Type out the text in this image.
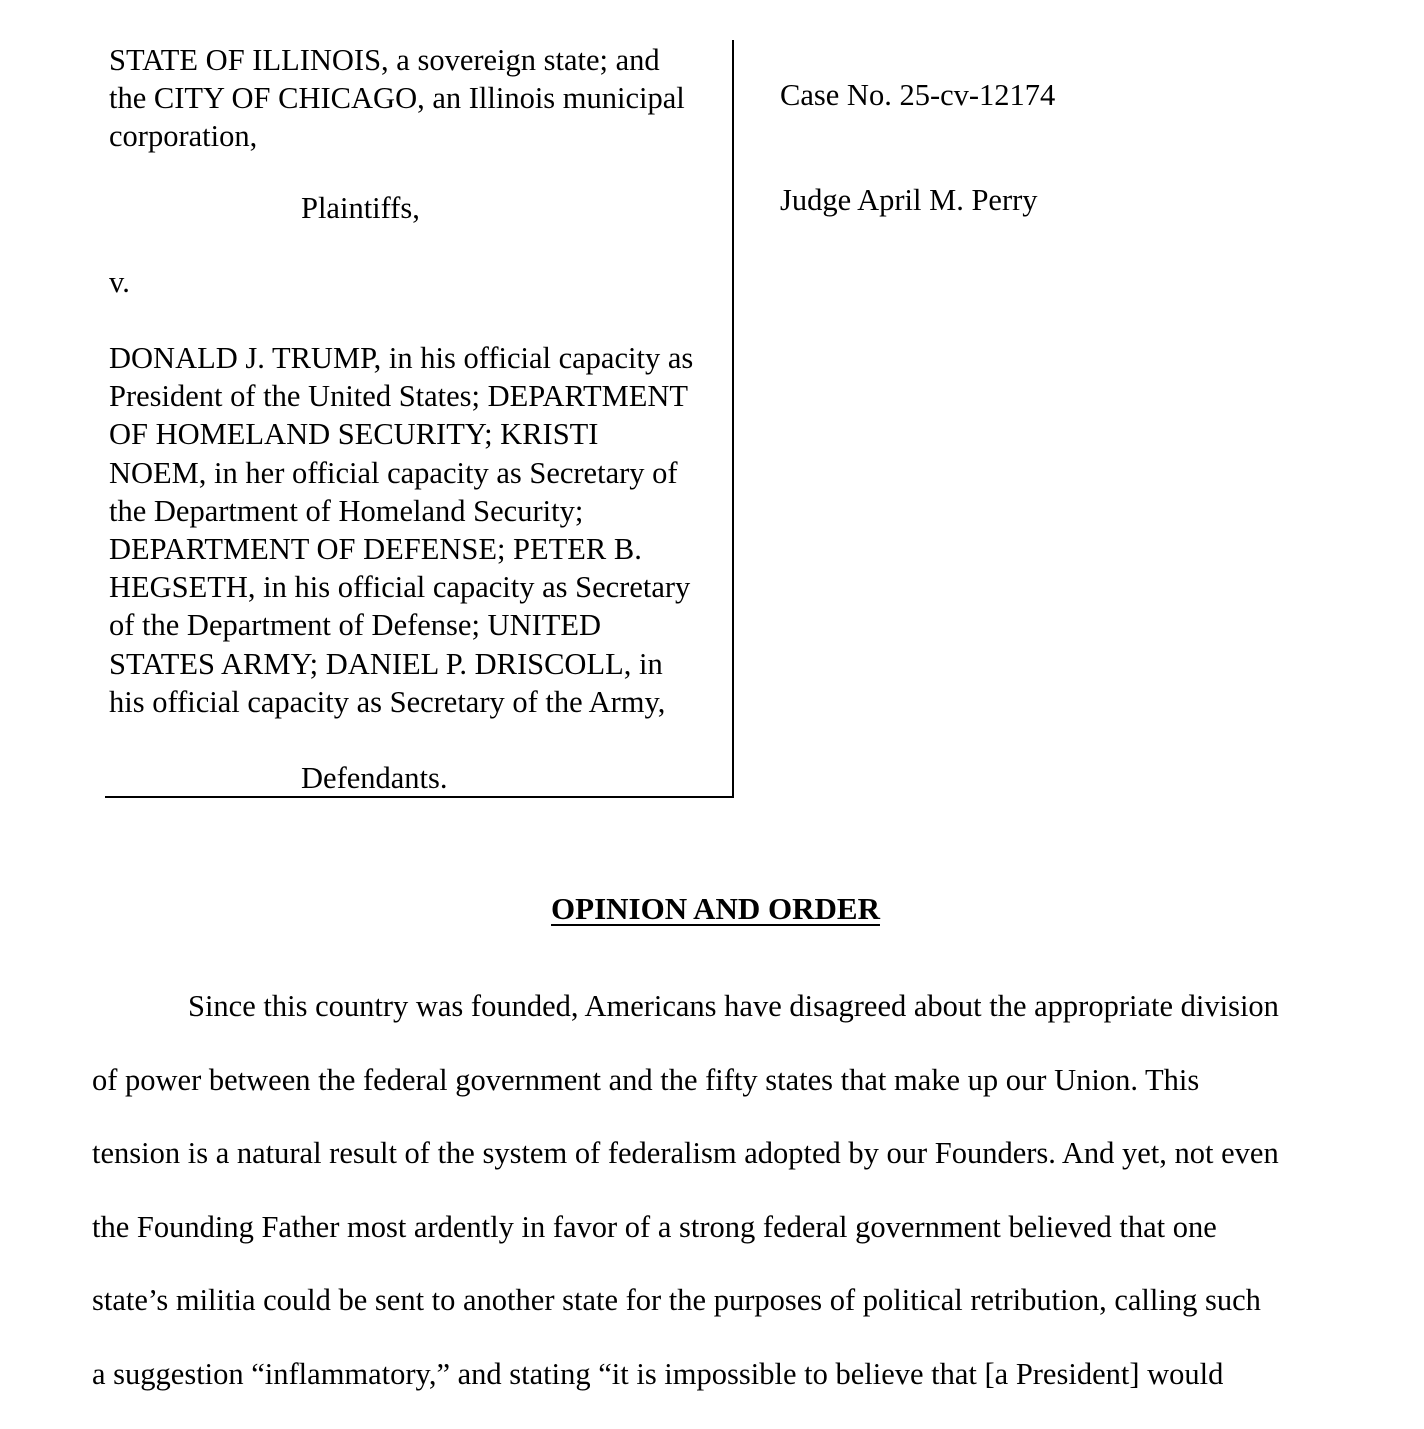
STATE OF ILLINOIS, a sovereign state; and
the CITY OF CHICAGO, an Illinois municipal
corporation,
Plaintiffs,
v.
DONALD J. TRUMP, in his official capacity as
President of the United States; DEPARTMENT
OF HOMELAND SECURITY; KRISTI
NOEM, in her official capacity as Secretary of
the Department of Homeland Security;
DEPARTMENT OF DEFENSE; PETER B.
HEGSETH, in his official capacity as Secretary
of the Department of Defense; UNITED
STATES ARMY; DANIEL P. DRISCOLL, in
his official capacity as Secretary of the Army,
Defendants.
Case No. 25-cv-12174
Judge April M. Perry
OPINION AND ORDER
Since this country was founded, Americans have disagreed about the appropriate division
of power between the federal government and the fifty states that make up our Union. This
tension is a natural result of the system of federalism adopted by our Founders. And yet, not even
the Founding Father most ardently in favor of a strong federal government believed that one
state’s militia could be sent to another state for the purposes of political retribution, calling such
a suggestion “inflammatory,” and stating “it is impossible to believe that [a President] would
